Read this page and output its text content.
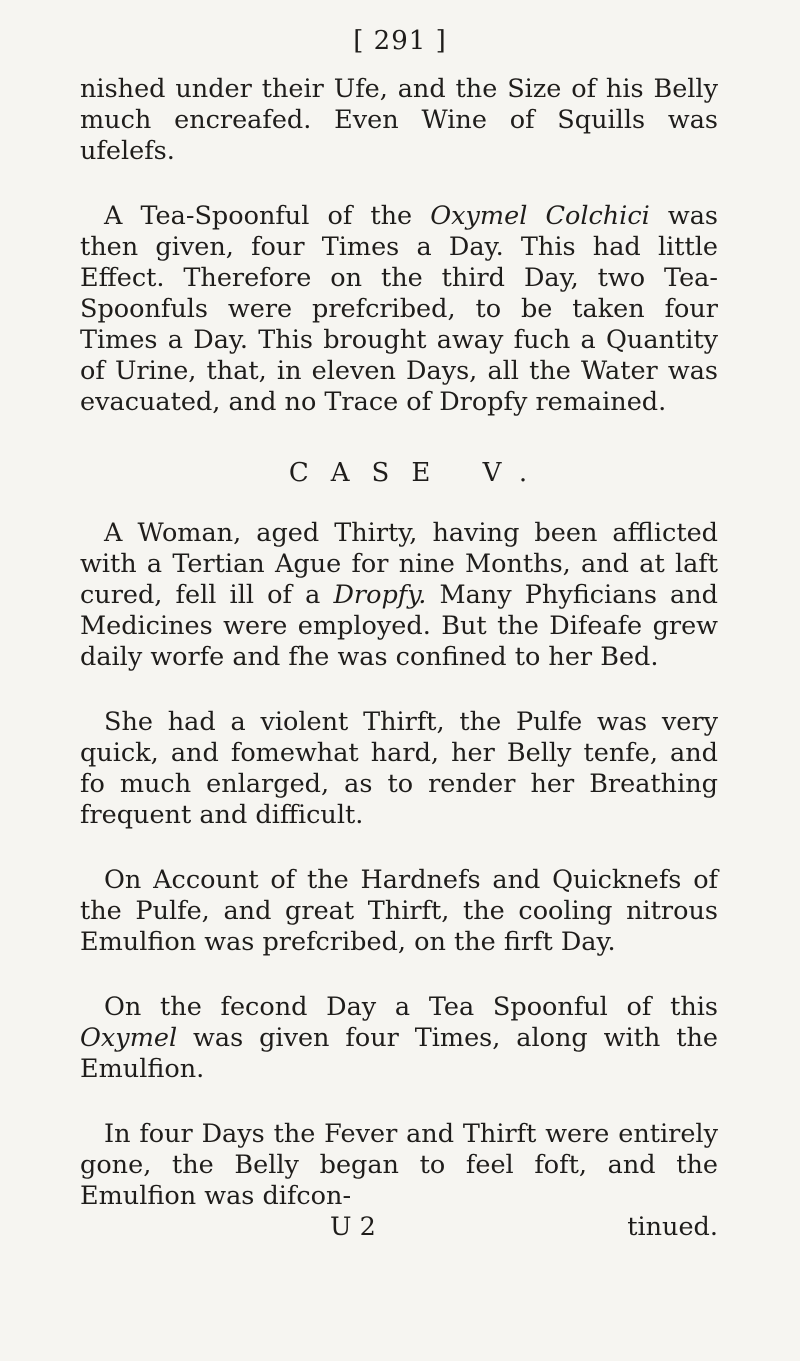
[ 291 ]

nished under their Ufe, and the Size of his Belly much encreafed. Even Wine of Squills was ufelefs.

A Tea-Spoonful of the Oxymel Colchici was then given, four Times a Day. This had little Effect. Therefore on the third Day, two Tea-Spoonfuls were prefcribed, to be taken four Times a Day. This brought away fuch a Quantity of Urine, that, in eleven Days, all the Water was evacuated, and no Trace of Dropfy remained.

CASE V.

A Woman, aged Thirty, having been afflicted with a Tertian Ague for nine Months, and at laft cured, fell ill of a Dropfy. Many Phyficians and Medicines were employed. But the Difeafe grew daily worfe and fhe was confined to her Bed.

She had a violent Thirft, the Pulfe was very quick, and fomewhat hard, her Belly tenfe, and fo much enlarged, as to render her Breathing frequent and difficult.

On Account of the Hardnefs and Quicknefs of the Pulfe, and great Thirft, the cooling nitrous Emulfion was prefcribed, on the firft Day.

On the fecond Day a Tea Spoonful of this Oxymel was given four Times, along with the Emulfion.

In four Days the Fever and Thirft were entirely gone, the Belly began to feel foft, and the Emulfion was difcon-

U 2	tinued.
